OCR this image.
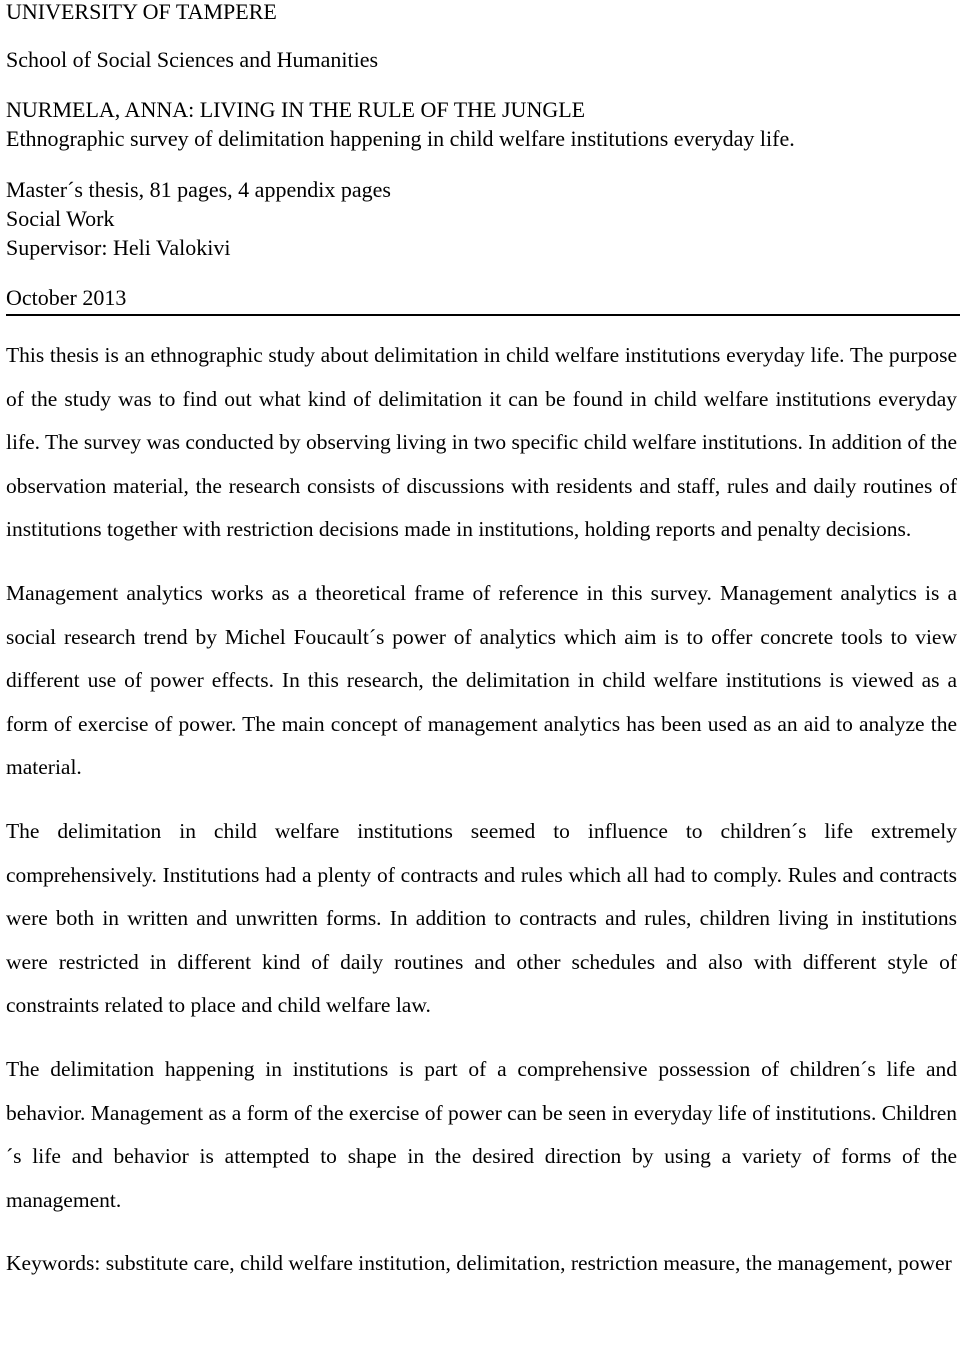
UNIVERSITY OF TAMPERE
School of Social Sciences and Humanities
NURMELA, ANNA: LIVING IN THE RULE OF THE JUNGLE
Ethnographic survey of delimitation happening in child welfare institutions everyday life.
Master´s thesis, 81 pages, 4 appendix pages
Social Work
Supervisor: Heli Valokivi
October 2013

This thesis is an ethnographic study about delimitation in child welfare institutions everyday life. The purpose of the study was to find out what kind of delimitation it can be found in child welfare institutions everyday life. The survey was conducted by observing living in two specific child welfare institutions. In addition of the observation material, the research consists of discussions with residents and staff, rules and daily routines of institutions together with restriction decisions made in institutions, holding reports and penalty decisions.

Management analytics works as a theoretical frame of reference in this survey. Management analytics is a social research trend by Michel Foucault´s power of analytics which aim is to offer concrete tools to view different use of power effects. In this research, the delimitation in child welfare institutions is viewed as a form of exercise of power. The main concept of management analytics has been used as an aid to analyze the material.

The delimitation in child welfare institutions seemed to influence to children´s life extremely comprehensively. Institutions had a plenty of contracts and rules which all had to comply. Rules and contracts were both in written and unwritten forms. In addition to contracts and rules, children living in institutions were restricted in different kind of daily routines and other schedules and also with different style of constraints related to place and child welfare law.

The delimitation happening in institutions is part of a comprehensive possession of children´s life and behavior. Management as a form of the exercise of power can be seen in everyday life of institutions. Children´s life and behavior is attempted to shape in the desired direction by using a variety of forms of the management.

Keywords: substitute care, child welfare institution, delimitation, restriction measure, the management, power
